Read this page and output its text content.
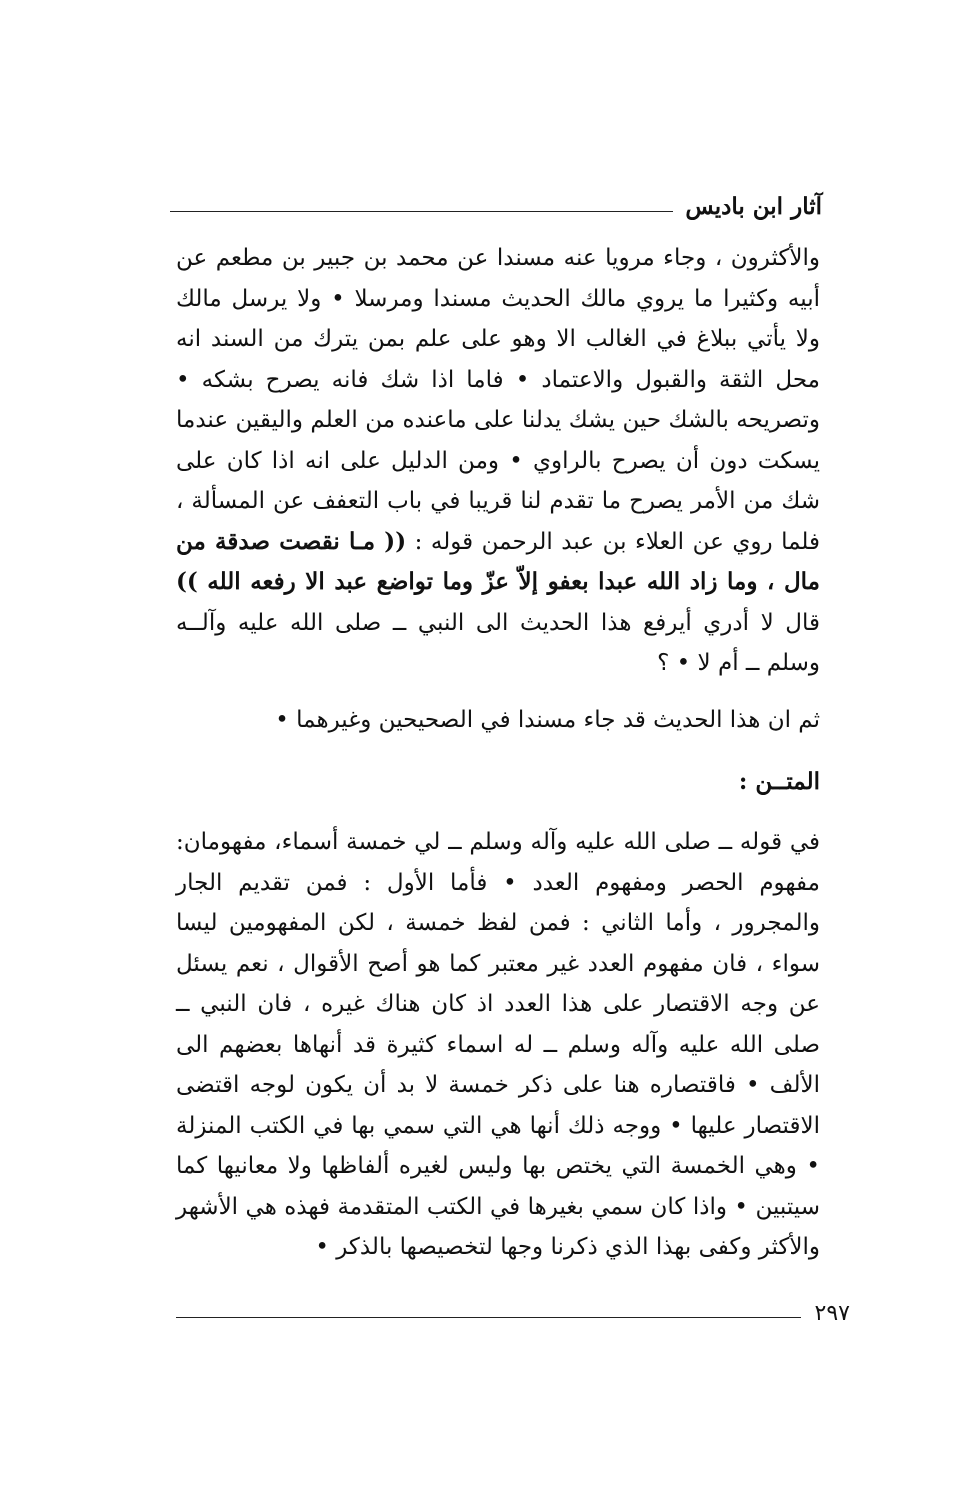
آثار ابن باديس
والأكثرون ، وجاء مرويا عنه مسندا عن محمد بن جبير بن مطعم عن أبيه وكثيرا ما يروي مالك الحديث مسندا ومرسلا • ولا يرسل مالك ولا يأتي ببلاغ في الغالب الا وهو على علم بمن يترك من السند انه محل الثقة والقبول والاعتماد • فاما اذا شك فانه يصرح بشكه • وتصريحه بالشك حين يشك يدلنا على ماعنده من العلم واليقين عندما يسكت دون أن يصرح بالراوي • ومن الدليل على انه اذا كان على شك من الأمر يصرح ما تقدم لنا قريبا في باب التعفف عن المسألة ، فلما روي عن العلاء بن عبد الرحمن قوله : (( مـا نقصت صدقة من مال ، وما زاد الله عبدا بعفو إلاّ عزّ وما تواضع عبد الا رفعه الله )) قال لا أدري أيرفع هذا الحديث الى النبي ــ صلى الله عليه وآلــه وسلم ــ أم لا • ؟
ثم ان هذا الحديث قد جاء مسندا في الصحيحين وغيرهما •
المتــن :
في قوله ــ صلى الله عليه وآله وسلم ــ لي خمسة أسماء، مفهومان: مفهوم الحصر ومفهوم العدد • فأما الأول : فمن تقديم الجار والمجرور ، وأما الثاني : فمن لفظ خمسة ، لكن المفهومين ليسا سواء ، فان مفهوم العدد غير معتبر كما هو أصح الأقوال ، نعم يسئل عن وجه الاقتصار على هذا العدد اذ كان هناك غيره ، فان النبي ــ صلى الله عليه وآله وسلم ــ له اسماء كثيرة قد أنهاها بعضهم الى الألف • فاقتصاره هنا على ذكر خمسة لا بد أن يكون لوجه اقتضى الاقتصار عليها • ووجه ذلك أنها هي التي سمي بها في الكتب المنزلة • وهي الخمسة التي يختص بها وليس لغيره ألفاظها ولا معانيها كما سيتبين • واذا كان سمي بغيرها في الكتب المتقدمة فهذه هي الأشهر والأكثر وكفى بهذا الذي ذكرنا وجها لتخصيصها بالذكر •
٢٩٧
